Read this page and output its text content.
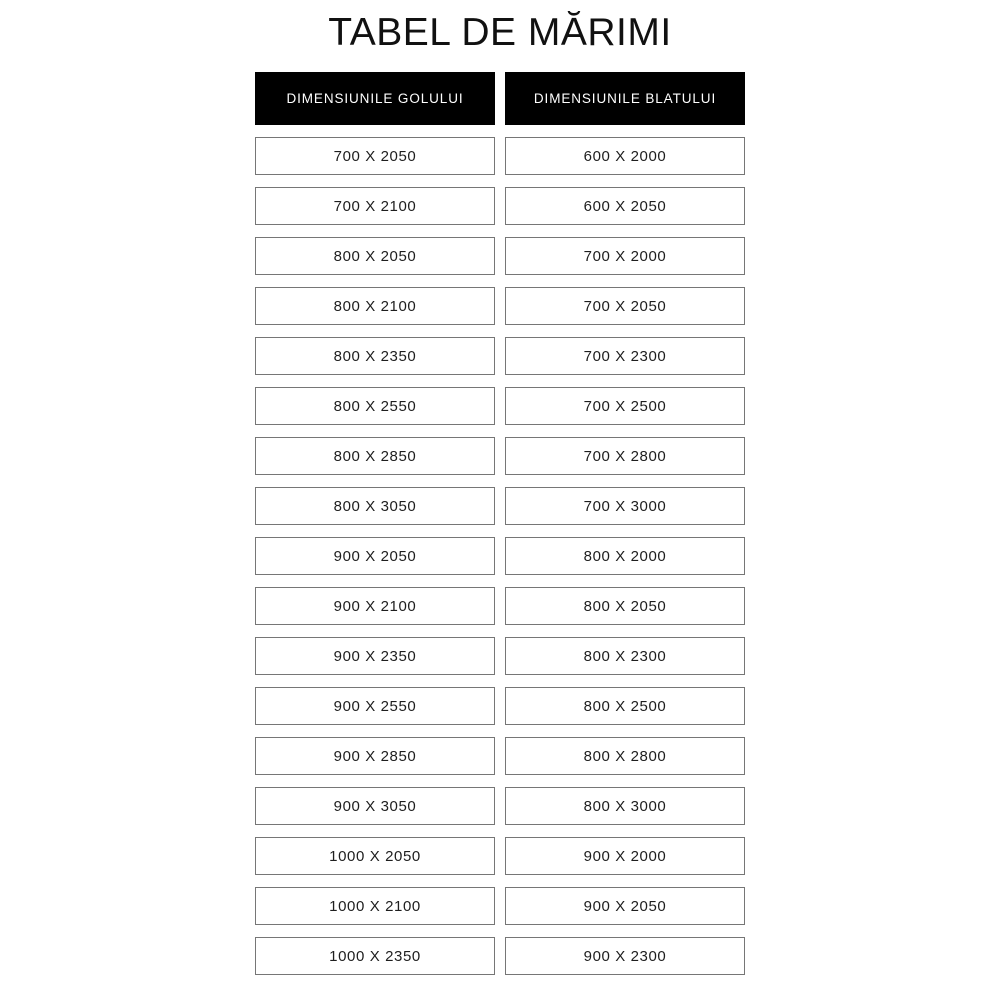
TABEL DE MĂRIMI
DIMENSIUNILE GOLULUI	DIMENSIUNILE BLATULUI
700 X 2050	600 X 2000
700 X 2100	600 X 2050
800 X 2050	700 X 2000
800 X 2100	700 X 2050
800 X 2350	700 X 2300
800 X 2550	700 X 2500
800 X 2850	700 X 2800
800 X 3050	700 X 3000
900 X 2050	800 X 2000
900 X 2100	800 X 2050
900 X 2350	800 X 2300
900 X 2550	800 X 2500
900 X 2850	800 X 2800
900 X 3050	800 X 3000
1000 X 2050	900 X 2000
1000 X 2100	900 X 2050
1000 X 2350	900 X 2300
